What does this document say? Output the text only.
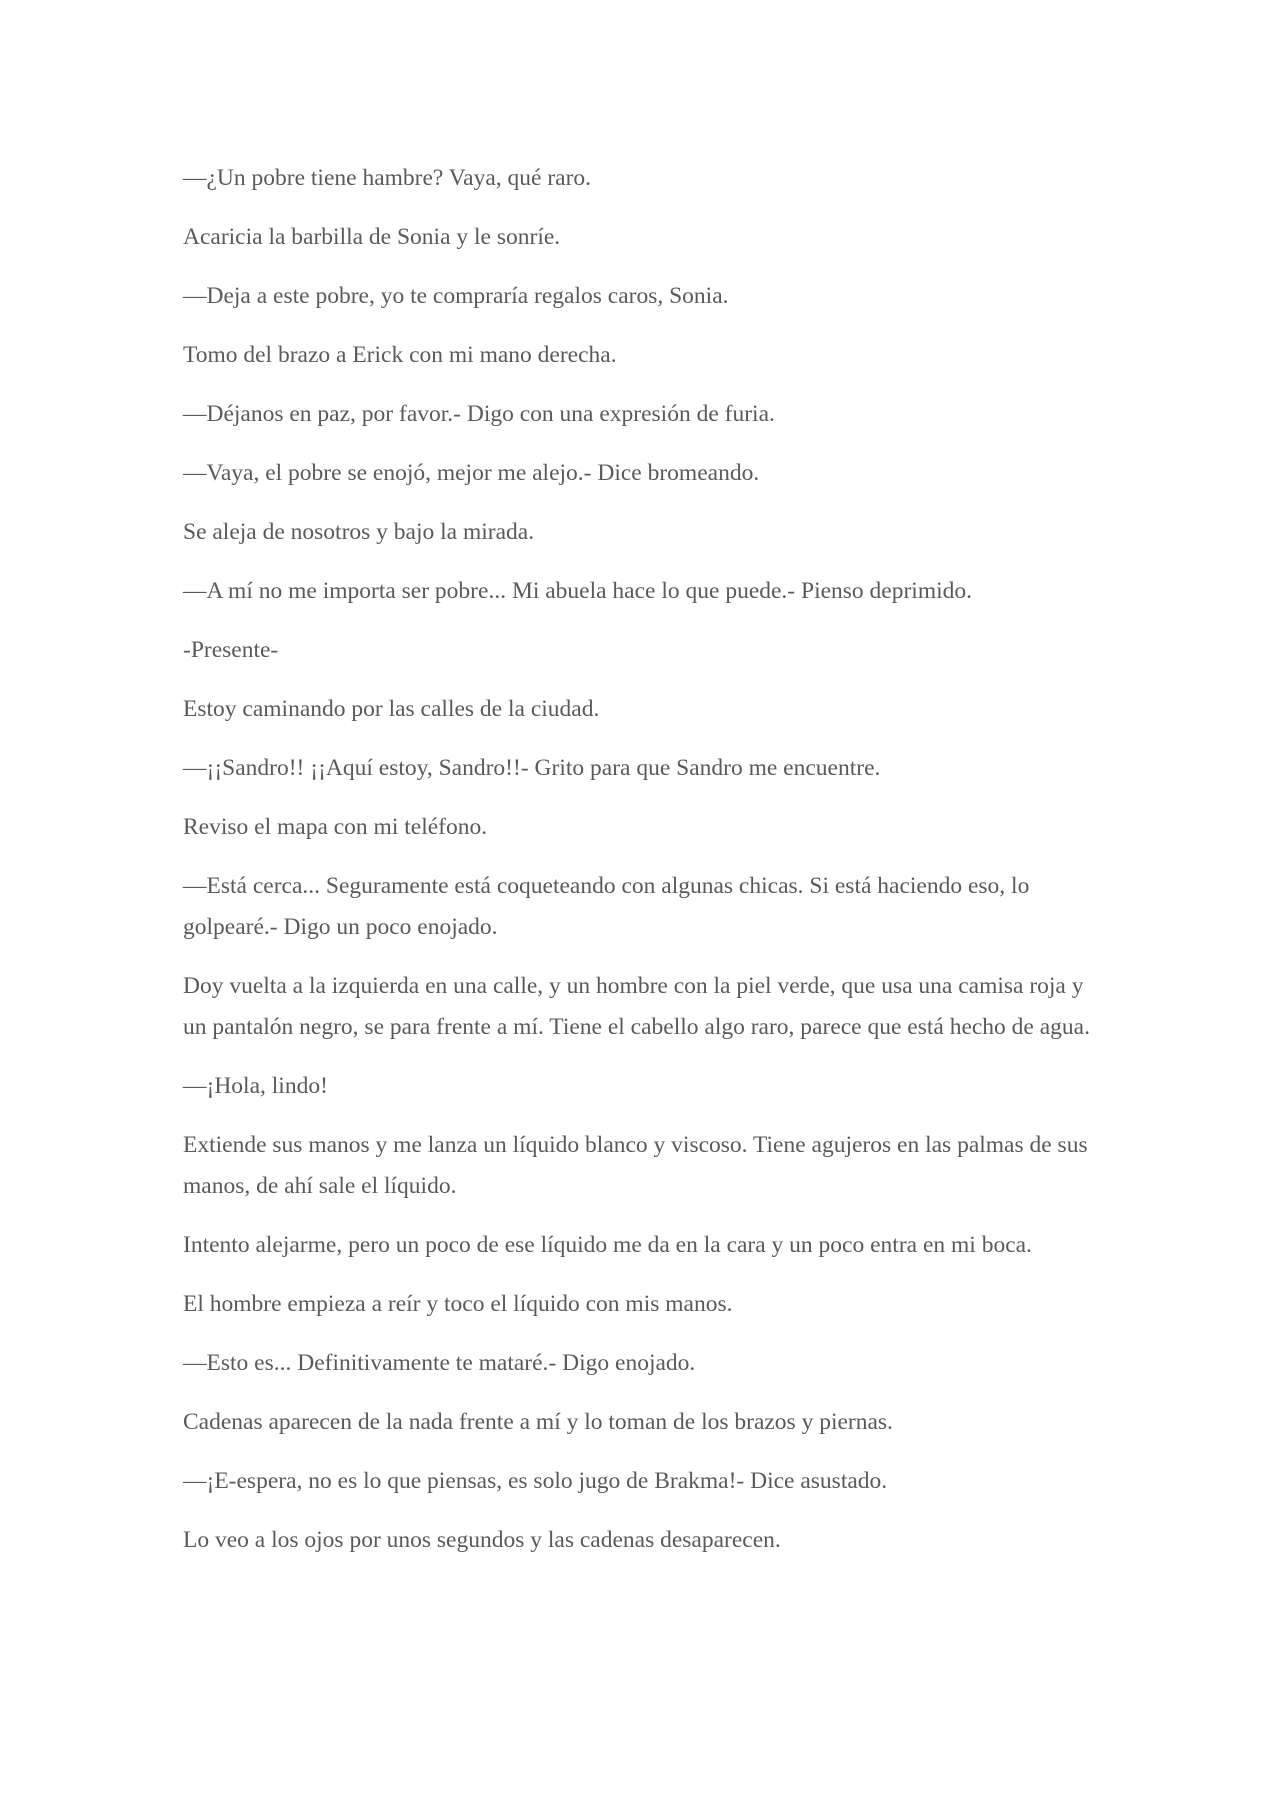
—¿Un pobre tiene hambre? Vaya, qué raro.

Acaricia la barbilla de Sonia y le sonríe.

—Deja a este pobre, yo te compraría regalos caros, Sonia.

Tomo del brazo a Erick con mi mano derecha.

—Déjanos en paz, por favor.- Digo con una expresión de furia.

—Vaya, el pobre se enojó, mejor me alejo.- Dice bromeando.

Se aleja de nosotros y bajo la mirada.

—A mí no me importa ser pobre... Mi abuela hace lo que puede.- Pienso deprimido.

-Presente-

Estoy caminando por las calles de la ciudad.

—¡¡Sandro!! ¡¡Aquí estoy, Sandro!!- Grito para que Sandro me encuentre.

Reviso el mapa con mi teléfono.

—Está cerca... Seguramente está coqueteando con algunas chicas. Si está haciendo eso, lo golpearé.- Digo un poco enojado.

Doy vuelta a la izquierda en una calle, y un hombre con la piel verde, que usa una camisa roja y un pantalón negro, se para frente a mí. Tiene el cabello algo raro, parece que está hecho de agua.

—¡Hola, lindo!

Extiende sus manos y me lanza un líquido blanco y viscoso. Tiene agujeros en las palmas de sus manos, de ahí sale el líquido.

Intento alejarme, pero un poco de ese líquido me da en la cara y un poco entra en mi boca.

El hombre empieza a reír y toco el líquido con mis manos.

—Esto es... Definitivamente te mataré.- Digo enojado.

Cadenas aparecen de la nada frente a mí y lo toman de los brazos y piernas.

—¡E-espera, no es lo que piensas, es solo jugo de Brakma!- Dice asustado.

Lo veo a los ojos por unos segundos y las cadenas desaparecen.
